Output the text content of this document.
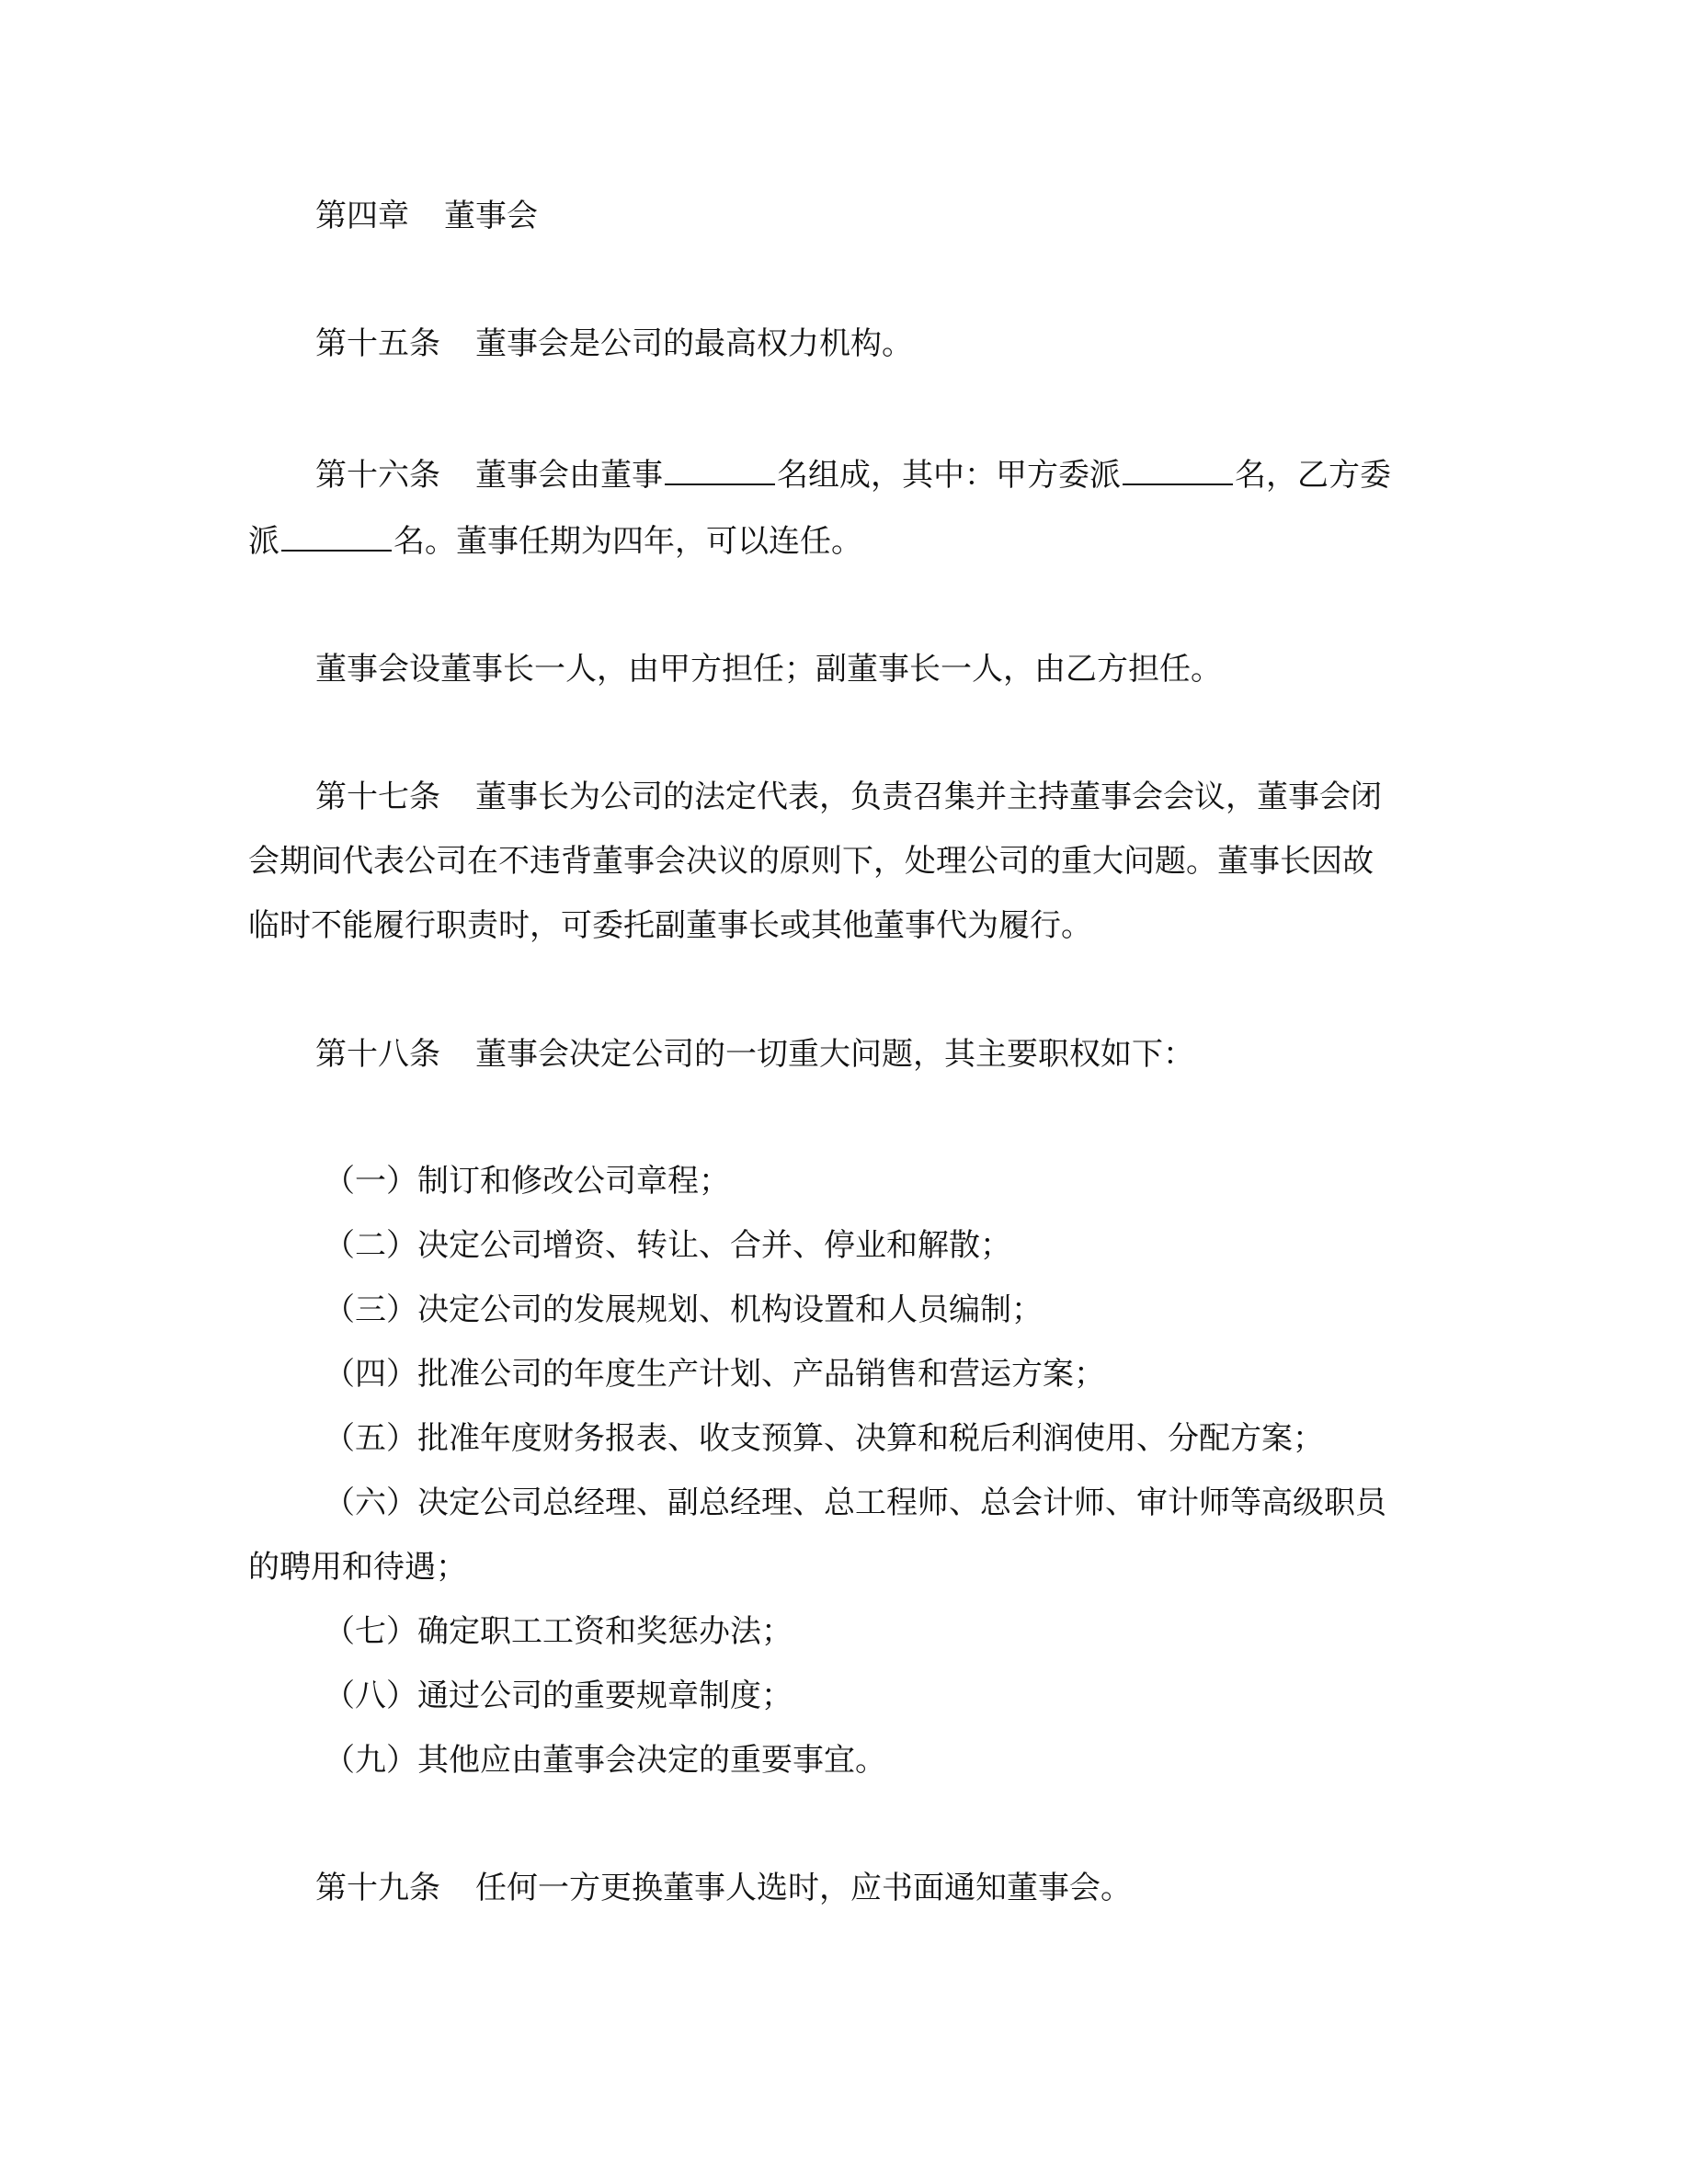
第四章 董事会
第十五条 董事会是公司的最高权力机构。
第十六条 董事会由董事	名组成，其中：甲方委派	名，乙方委
派	名。董事任期为四年，可以连任。
董事会设董事长一人，由甲方担任；副董事长一人，由乙方担任。
第十七条 董事长为公司的法定代表，负责召集并主持董事会会议，董事会闭
会期间代表公司在不违背董事会决议的原则下，处理公司的重大问题。董事长因故
临时不能履行职责时，可委托副董事长或其他董事代为履行。
第十八条 董事会决定公司的一切重大问题，其主要职权如下：
（一）制订和修改公司章程；
（二）决定公司增资、转让、合并、停业和解散；
（三）决定公司的发展规划、机构设置和人员编制；
（四）批准公司的年度生产计划、产品销售和营运方案；
（五）批准年度财务报表、收支预算、决算和税后利润使用、分配方案；
（六）决定公司总经理、副总经理、总工程师、总会计师、审计师等高级职员
的聘用和待遇；
（七）确定职工工资和奖惩办法；
（八）通过公司的重要规章制度；
（九）其他应由董事会决定的重要事宜。
第十九条 任何一方更换董事人选时，应书面通知董事会。
